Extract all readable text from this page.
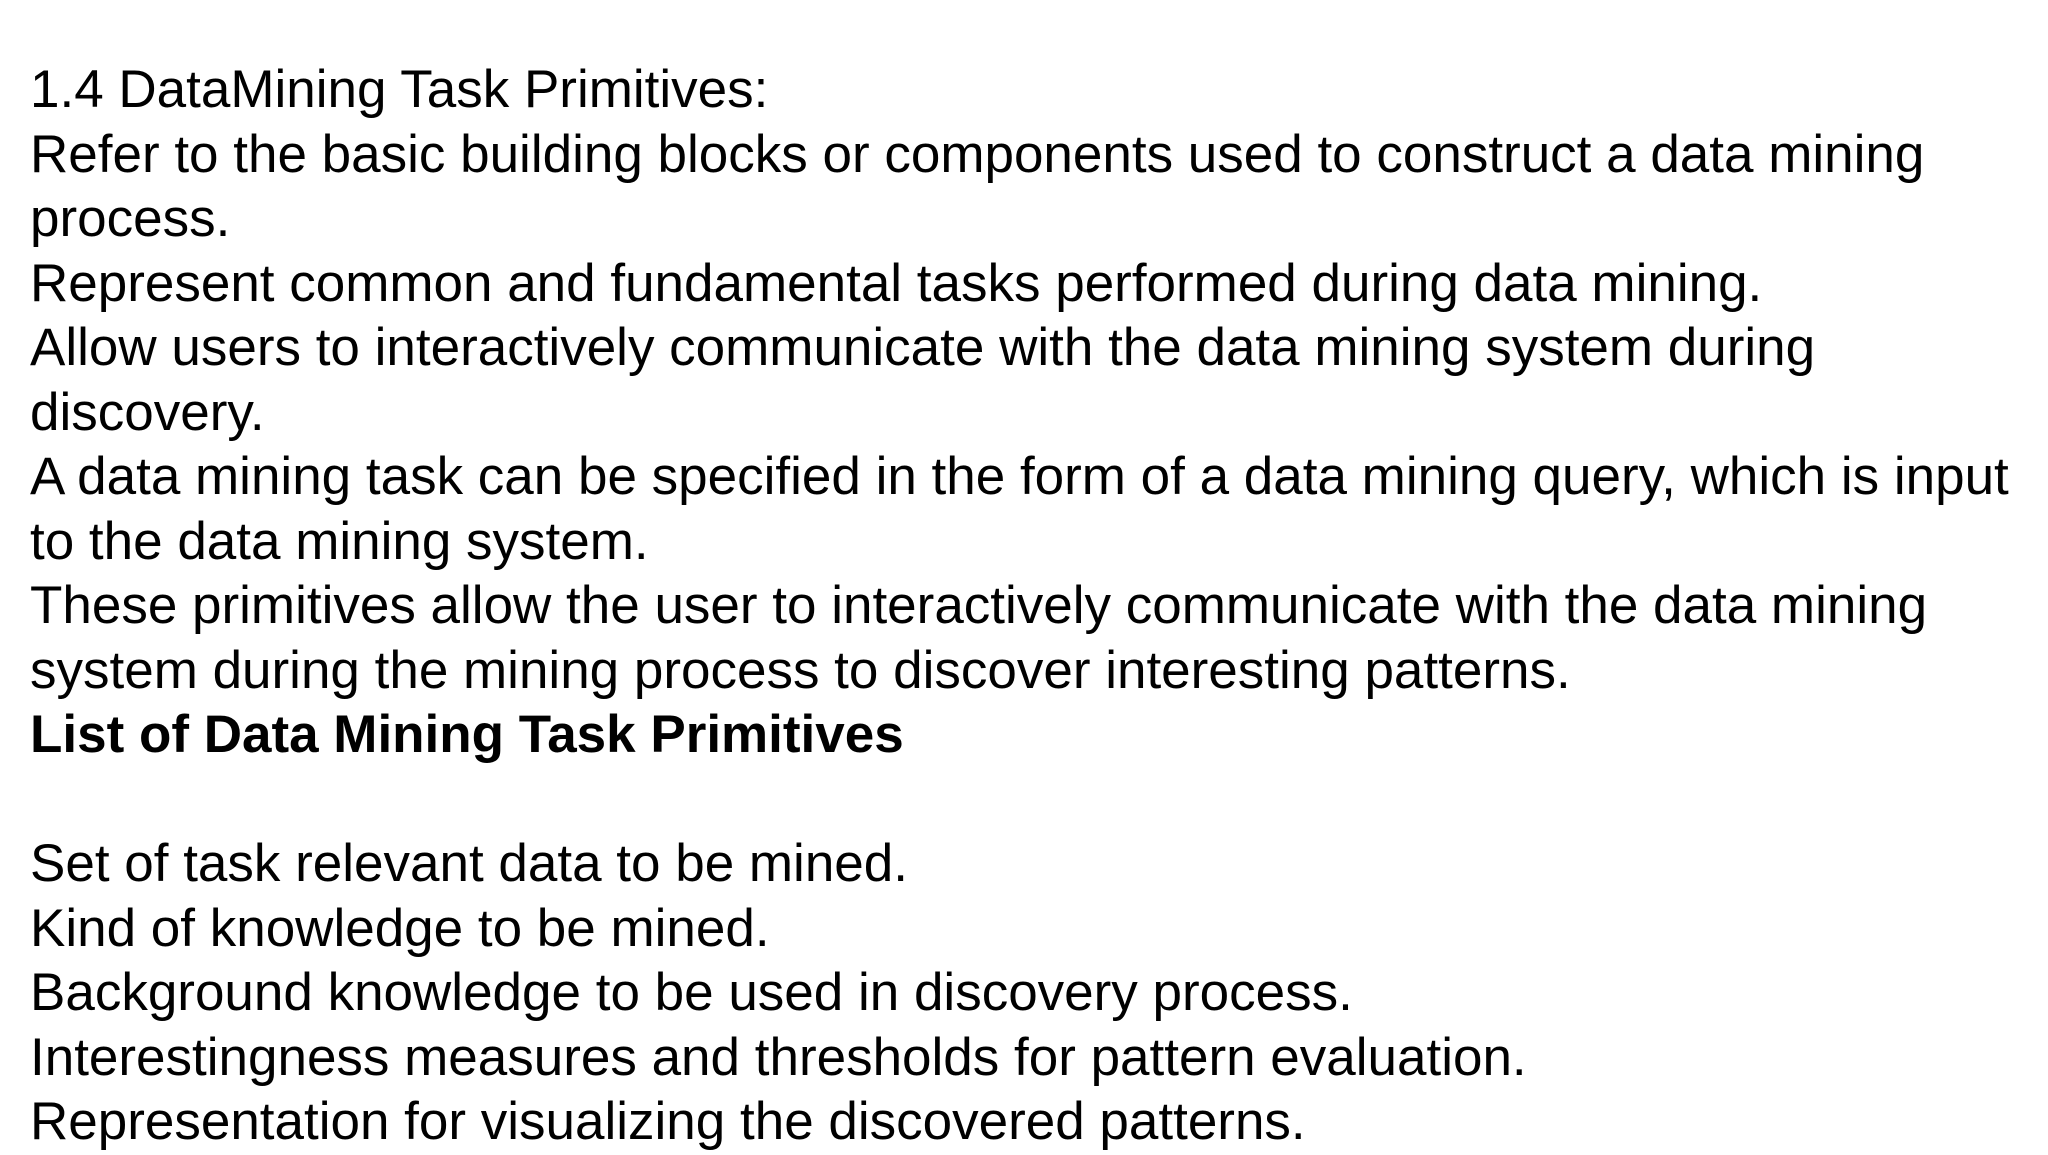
1.4 DataMining Task Primitives:
Refer to the basic building blocks or components used to construct a data mining
process.
Represent common and fundamental tasks performed during data mining.
Allow users to interactively communicate with the data mining system during
discovery.
A data mining task can be specified in the form of a data mining query, which is input
to the data mining system.
These primitives allow the user to interactively communicate with the data mining
system during the mining process to discover interesting patterns.
List of Data Mining Task Primitives
Set of task relevant data to be mined.
Kind of knowledge to be mined.
Background knowledge to be used in discovery process.
Interestingness measures and thresholds for pattern evaluation.
Representation for visualizing the discovered patterns.
